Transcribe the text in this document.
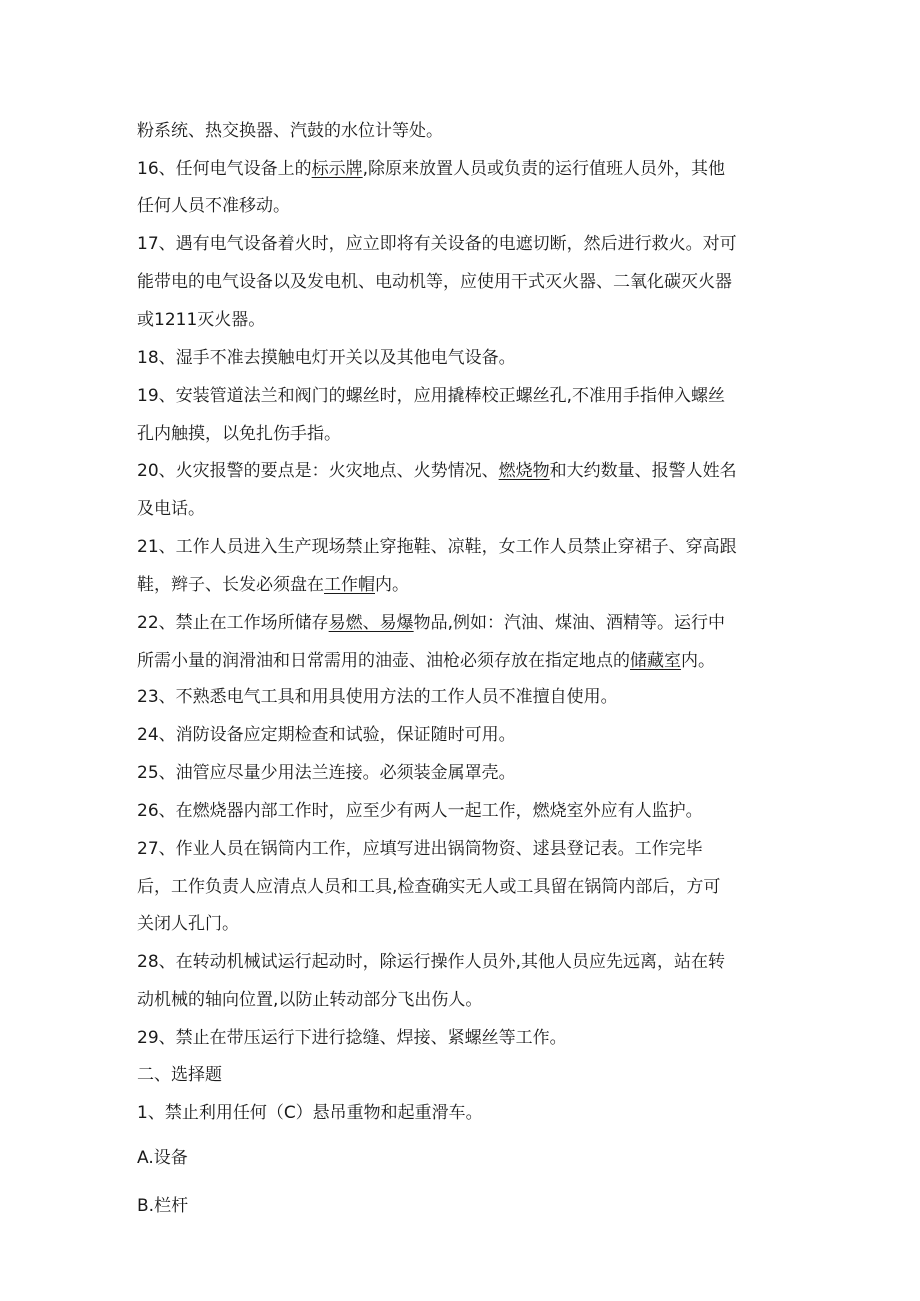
粉系统、热交换器、汽鼓的水位计等处。
16、任何电气设备上的标示牌,除原来放置人员或负责的运行值班人员外，其他
任何人员不准移动。
17、遇有电气设备着火时，应立即将有关设备的电遮切断，然后进行救火。对可
能带电的电气设备以及发电机、电动机等，应使用干式灭火器、二氧化碳灭火器
或1211灭火器。
18、湿手不准去摸触电灯开关以及其他电气设备。
19、安装管道法兰和阀门的螺丝时，应用撬棒校正螺丝孔,不准用手指伸入螺丝
孔内触摸，以免扎伤手指。
20、火灾报警的要点是：火灾地点、火势情况、燃烧物和大约数量、报警人姓名
及电话。
21、工作人员进入生产现场禁止穿拖鞋、凉鞋，女工作人员禁止穿裙子、穿高跟
鞋，辫子、长发必须盘在工作帽内。
22、禁止在工作场所储存易燃、易爆物品,例如：汽油、煤油、酒精等。运行中
所需小量的润滑油和日常需用的油壶、油枪必须存放在指定地点的储藏室内。
23、不熟悉电气工具和用具使用方法的工作人员不准擅自使用。
24、消防设备应定期检查和试验，保证随时可用。
25、油管应尽量少用法兰连接。必须装金属罩壳。
26、在燃烧器内部工作时，应至少有两人一起工作，燃烧室外应有人监护。
27、作业人员在锅筒内工作，应填写进出锅筒物资、逑县登记表。工作完毕
后，工作负责人应清点人员和工具,检查确实无人或工具留在锅筒内部后，方可
关闭人孔门。
28、在转动机械试运行起动时，除运行操作人员外,其他人员应先远离，站在转
动机械的轴向位置,以防止转动部分飞出伤人。
29、禁止在带压运行下进行捻缝、焊接、紧螺丝等工作。
二、选择题
1、禁止利用任何（C）悬吊重物和起重滑车。
A.设备
B.栏杆
